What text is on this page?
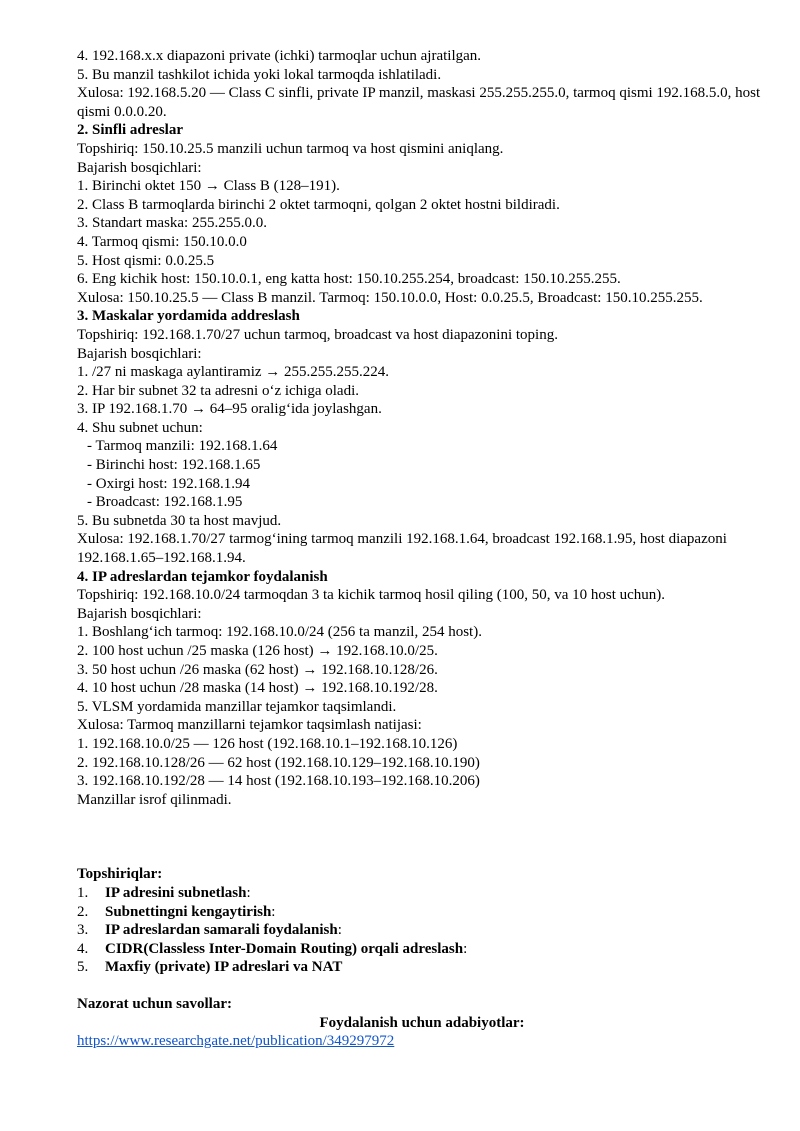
4. 192.168.x.x diapazoni private (ichki) tarmoqlar uchun ajratilgan.

5. Bu manzil tashkilot ichida yoki lokal tarmoqda ishlatiladi.

Xulosa: 192.168.5.20 — Class C sinfli, private IP manzil, maskasi 255.255.255.0, tarmoq qismi 192.168.5.0, host qismi 0.0.0.20.

2. Sinfli adreslar

Topshiriq: 150.10.25.5 manzili uchun tarmoq va host qismini aniqlang.

Bajarish bosqichlari:

1. Birinchi oktet 150 → Class B (128–191).

2. Class B tarmoqlarda birinchi 2 oktet tarmoqni, qolgan 2 oktet hostni bildiradi.

3. Standart maska: 255.255.0.0.

4. Tarmoq qismi: 150.10.0.0

5. Host qismi: 0.0.25.5

6. Eng kichik host: 150.10.0.1, eng katta host: 150.10.255.254, broadcast: 150.10.255.255.

Xulosa: 150.10.25.5 — Class B manzil. Tarmoq: 150.10.0.0, Host: 0.0.25.5, Broadcast: 150.10.255.255.

3. Maskalar yordamida addreslash

Topshiriq: 192.168.1.70/27 uchun tarmoq, broadcast va host diapazonini toping.

Bajarish bosqichlari:

1. /27 ni maskaga aylantiramiz → 255.255.255.224.

2. Har bir subnet 32 ta adresni o‘z ichiga oladi.

3. IP 192.168.1.70 → 64–95 oralig‘ida joylashgan.

4. Shu subnet uchun:

- Tarmoq manzili: 192.168.1.64

- Birinchi host: 192.168.1.65

- Oxirgi host: 192.168.1.94

- Broadcast: 192.168.1.95

5. Bu subnetda 30 ta host mavjud.

Xulosa: 192.168.1.70/27 tarmog‘ining tarmoq manzili 192.168.1.64, broadcast 192.168.1.95, host diapazoni 192.168.1.65–192.168.1.94.

4. IP adreslardan tejamkor foydalanish

Topshiriq: 192.168.10.0/24 tarmoqdan 3 ta kichik tarmoq hosil qiling (100, 50, va 10 host uchun).

Bajarish bosqichlari:

1. Boshlang‘ich tarmoq: 192.168.10.0/24 (256 ta manzil, 254 host).

2. 100 host uchun /25 maska (126 host) → 192.168.10.0/25.

3. 50 host uchun /26 maska (62 host) → 192.168.10.128/26.

4. 10 host uchun /28 maska (14 host) → 192.168.10.192/28.

5. VLSM yordamida manzillar tejamkor taqsimlandi.

Xulosa: Tarmoq manzillarni tejamkor taqsimlash natijasi:

1. 192.168.10.0/25 — 126 host (192.168.10.1–192.168.10.126)

2. 192.168.10.128/26 — 62 host (192.168.10.129–192.168.10.190)

3. 192.168.10.192/28 — 14 host (192.168.10.193–192.168.10.206)

Manzillar isrof qilinmadi.

Topshiriqlar:

1.	IP adresini subnetlash:
2.	Subnettingni kengaytirish:
3.	IP adreslardan samarali foydalanish:
4.	CIDR(Classless Inter-Domain Routing) orqali adreslash:
5.	Maxfiy (private) IP adreslari va NAT

Nazorat uchun savollar:

Foydalanish uchun adabiyotlar:

https://www.researchgate.net/publication/349297972
